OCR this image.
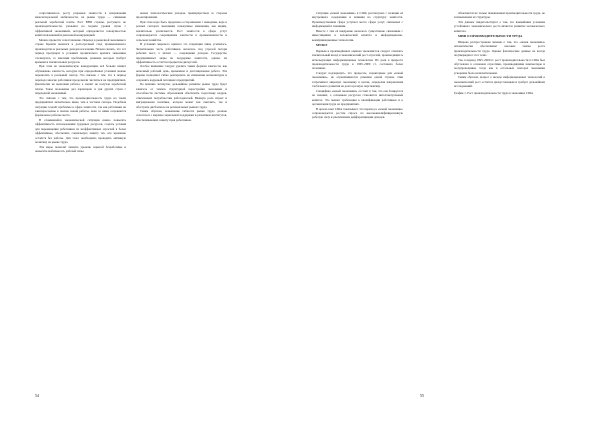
сопротивлялось росту разрывов занятости в направлении межсекторальной мобильности, на рынке труда — снижение реальной заработной платы. Рост ВВП страны, растущего по производительности, указывал на подъём уровня стран с эффективной экономикой, который определяется совокупностью капиталовложений и рыночной конкуренцией.

Можно провести сопоставление. Переход к рыночной экономике в стране Кремля вылился в долгосрочный спад промышленного производства и реальных доходов населения. Нельзя сказать, что тот период пропущен: в условиях хронического кризиса экономика столкнулась со многими проблемами, решение которых требует времени и значительных ресурсов.

При этом на экономическую конкуренцию всё больше влияет «бумажная» занятость, которую при определённых условиях можно переносить в реальный сектор. Это связано с тем, что в период перехода многие работники продолжали числиться на предприятиях, фактически не выполняя работы, а значит не получая заработной платы. Такое положение дел характерно и для других стран с переходной экономикой.

Это связано с тем, что производительность труда на таких предприятиях значительно ниже, чем в частном секторе. Подобная ситуация создаёт проблемы в сфере занятости, так как работники не заинтересованы в поиске новой работы, пока за ними сохраняется формальное рабочее место.

В сложившейся экономической ситуации важно повысить эффективность использования трудовых ресурсов, создать условия для перемещения работников из неэффективных отраслей в более эффективные, обеспечить социальную защиту тех, кто временно остаётся без работы. Для этого необходимо проводить активную политику на рынке труда.

Эти меры позволят снизить уровень скрытой безработицы и повысить мобильность рабочей силы.

новых технологических укладов, преимуществом со стороны проектирования.

При этом надо быть предельно осторожными с выводами, ведь в разных секторах экономики совокупные изменения, как видим, значительно различаются. Рост занятости в сфере услуг сопровождается сокращением занятости в промышленности и сельском хозяйстве.

В условиях мирового кризиса эта тенденция лишь усилилась. Значительная часть работников оказалась под угрозой потери рабочих мест, а значит — сокращения доходов. Государство предпринимает меры по поддержке занятости, однако их эффективность остаётся предметом дискуссий.

Особое внимание следует уделить таким формам занятости, как неполный рабочий день, временная и дистанционная работа. Эти формы позволяют гибко реагировать на изменения конъюнктуры и сохранять кадровый потенциал предприятий.

По мнению экспертов, дальнейшее развитие рынка труда будет зависеть от темпов структурной перестройки экономики и способности системы образования обеспечить подготовку кадров, отвечающих потребностям работодателей. Важную роль играет и миграционная политика, которая может как смягчить, так и обострить дисбалансы на региональных рынках труда.

Таким образом, повышение гибкости рынка труда должно сочетаться с мерами социальной поддержки и развитием институтов, обеспечивающих защиту прав работников.

54

Ситуация «новой экономики» в США рассмотрена с позиции её внутреннего содержания и влияния на структуру занятости. Производственная сфера уступает место сфере услуг, связанных с информацией и знаниями.

Вместе с тем её внедрение оказалось существенно связанным с инвестициями в человеческий капитал и информационно-коммуникационные технологии.

МУЛЬТ

Первым в произведённых оценках экономистов следует отметить значительный вклад в экономический рост отраслей, производящих и использующих информационные технологии. Их доля в приросте производительности труда в 1995–2000 гг. составила более половины.

Следует подчеркнуть, что процессы, характерные для «новой экономики», не ограничиваются рамками одной страны. Они затрагивают мировую экономику в целом, определяя направления глобального развития на долгосрочную перспективу.

Специфика «новой экономики» состоит в том, что она базируется на знаниях, а основным ресурсом становится интеллектуальный капитал. Это меняет требования к квалификации работников и к организации труда на предприятиях.

В целом опыт США показывает, что переход к «новой экономике» сопровождается ростом спроса на высококвалифицированную рабочую силу и увеличением дифференциации доходов.

объясняется не только повышением производительности труда, но и изменением её структуры.

Эти данные свидетельствуют о том, что важнейшим условием устойчивого экономического роста является развитие человеческого капитала.

МИФ О ПРОИЗВОДИТЕЛЬНОСТИ ТРУДА

Широко распространено мнение о том, что «новая экономика» автоматически обеспечивает высокие темпы роста производительности труда. Однако фактические данные не всегда подтверждают этот тезис.

Так, в период 1995–2000 гг. рост производительности в США был обусловлен в основном отраслями, производящими компьютеры и полупроводники, тогда как в остальных секторах экономики ускорение было незначительным.

Таким образом, вопрос о вкладе информационных технологий в экономический рост остаётся дискуссионным и требует дальнейших исследований.

График 1. Рост производительности труда в экономике США

55
